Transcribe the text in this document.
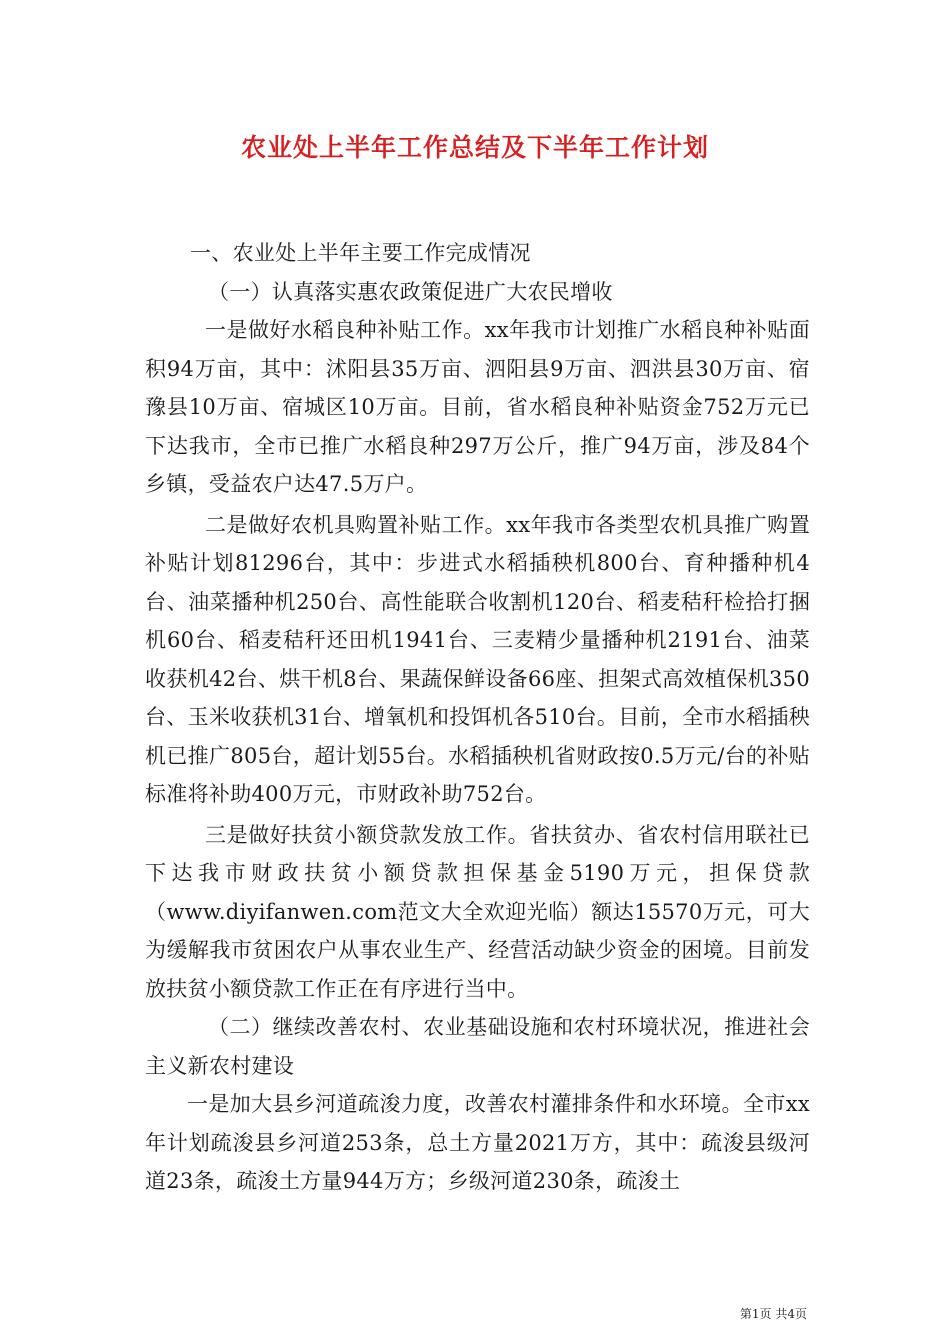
农业处上半年工作总结及下半年工作计划

一、农业处上半年主要工作完成情况

（一）认真落实惠农政策促进广大农民增收

一是做好水稻良种补贴工作。xx年我市计划推广水稻良种补贴面积94万亩，其中：沭阳县35万亩、泗阳县9万亩、泗洪县30万亩、宿豫县10万亩、宿城区10万亩。目前，省水稻良种补贴资金752万元已下达我市，全市已推广水稻良种297万公斤，推广94万亩，涉及84个乡镇，受益农户达47.5万户。

二是做好农机具购置补贴工作。xx年我市各类型农机具推广购置补贴计划81296台，其中：步进式水稻插秧机800台、育种播种机4台、油菜播种机250台、高性能联合收割机120台、稻麦秸秆检拾打捆机60台、稻麦秸秆还田机1941台、三麦精少量播种机2191台、油菜收获机42台、烘干机8台、果蔬保鲜设备66座、担架式高效植保机350台、玉米收获机31台、增氧机和投饵机各510台。目前，全市水稻插秧机已推广805台，超计划55台。水稻插秧机省财政按0.5万元/台的补贴标准将补助400万元，市财政补助752台。

三是做好扶贫小额贷款发放工作。省扶贫办、省农村信用联社已下达我市财政扶贫小额贷款担保基金5190万元，担保贷款（www.diyifanwen.com范文大全欢迎光临）额达15570万元，可大为缓解我市贫困农户从事农业生产、经营活动缺少资金的困境。目前发放扶贫小额贷款工作正在有序进行当中。

（二）继续改善农村、农业基础设施和农村环境状况，推进社会主义新农村建设

一是加大县乡河道疏浚力度，改善农村灌排条件和水环境。全市xx年计划疏浚县乡河道253条，总土方量2021万方，其中：疏浚县级河道23条，疏浚土方量944万方；乡级河道230条，疏浚土

第1页 共4页
